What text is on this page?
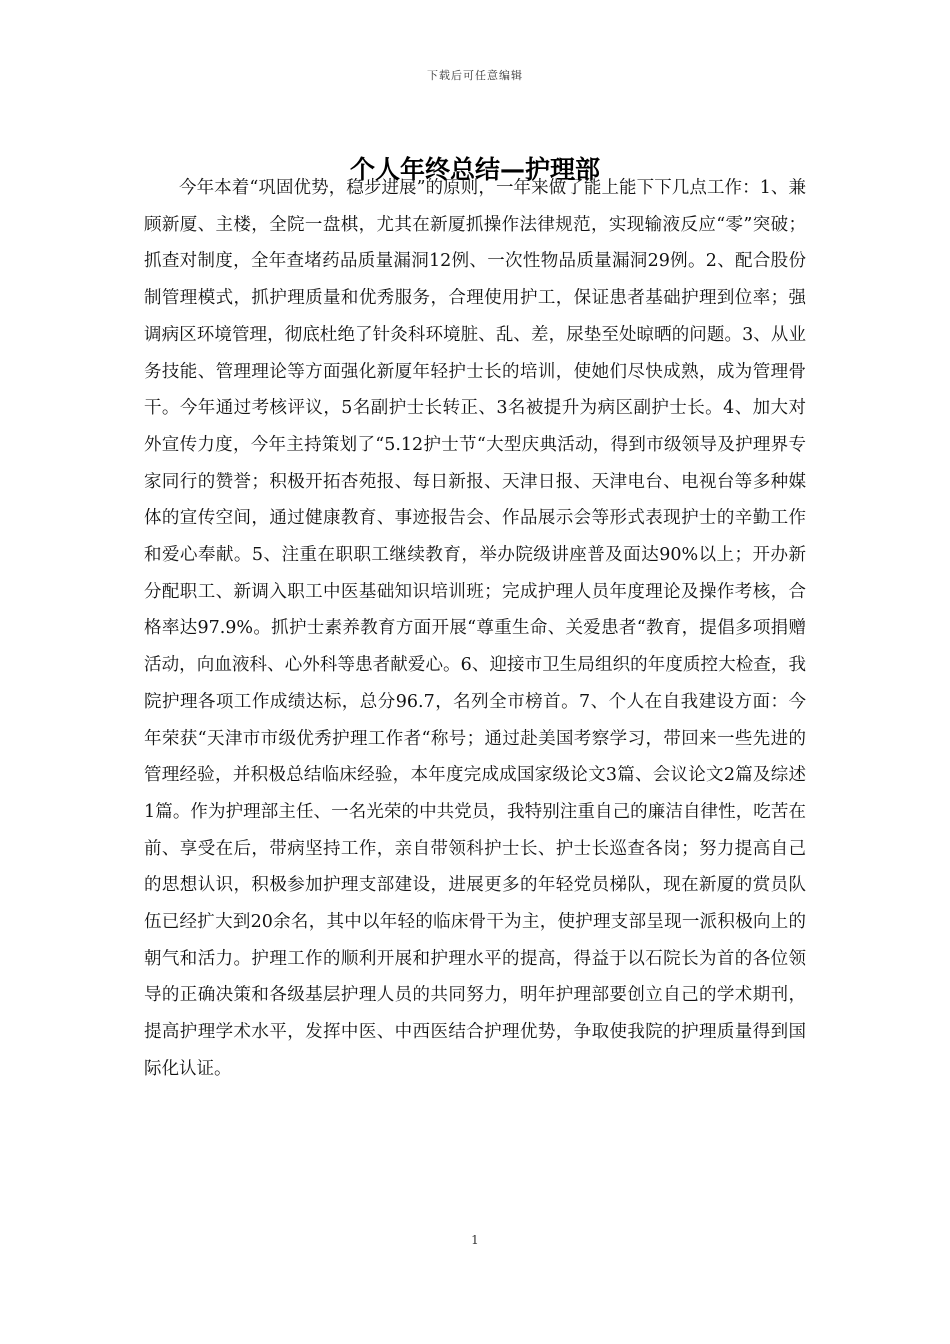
下载后可任意编辑
个人年终总结—护理部

今年本着“巩固优势，稳步进展”的原则，一年来做了能上能下下几点工作：1、兼顾新厦、主楼，全院一盘棋，尤其在新厦抓操作法律规范，实现输液反应“零”突破；抓查对制度，全年查堵药品质量漏洞12例、一次性物品质量漏洞29例。2、配合股份制管理模式，抓护理质量和优秀服务，合理使用护工，保证患者基础护理到位率；强调病区环境管理，彻底杜绝了针灸科环境脏、乱、差，尿垫至处晾晒的问题。3、从业务技能、管理理论等方面强化新厦年轻护士长的培训，使她们尽快成熟，成为管理骨干。今年通过考核评议，5名副护士长转正、3名被提升为病区副护士长。4、加大对外宣传力度，今年主持策划了“5.12护士节“大型庆典活动，得到市级领导及护理界专家同行的赞誉；积极开拓杏苑报、每日新报、天津日报、天津电台、电视台等多种媒体的宣传空间，通过健康教育、事迹报告会、作品展示会等形式表现护士的辛勤工作和爱心奉献。5、注重在职职工继续教育，举办院级讲座普及面达90%以上；开办新分配职工、新调入职工中医基础知识培训班；完成护理人员年度理论及操作考核，合格率达97.9%。抓护士素养教育方面开展“尊重生命、关爱患者“教育，提倡多项捐赠活动，向血液科、心外科等患者献爱心。6、迎接市卫生局组织的年度质控大检查，我院护理各项工作成绩达标，总分96.7，名列全市榜首。7、个人在自我建设方面：今年荣获“天津市市级优秀护理工作者“称号；通过赴美国考察学习，带回来一些先进的管理经验，并积极总结临床经验，本年度完成成国家级论文3篇、会议论文2篇及综述1篇。作为护理部主任、一名光荣的中共党员，我特别注重自己的廉洁自律性，吃苦在前、享受在后，带病坚持工作，亲自带领科护士长、护士长巡查各岗；努力提高自己的思想认识，积极参加护理支部建设，进展更多的年轻党员梯队，现在新厦的赏员队伍已经扩大到20余名，其中以年轻的临床骨干为主，使护理支部呈现一派积极向上的朝气和活力。护理工作的顺利开展和护理水平的提高，得益于以石院长为首的各位领导的正确决策和各级基层护理人员的共同努力，明年护理部要创立自己的学术期刊，提高护理学术水平，发挥中医、中西医结合护理优势，争取使我院的护理质量得到国际化认证。

1
